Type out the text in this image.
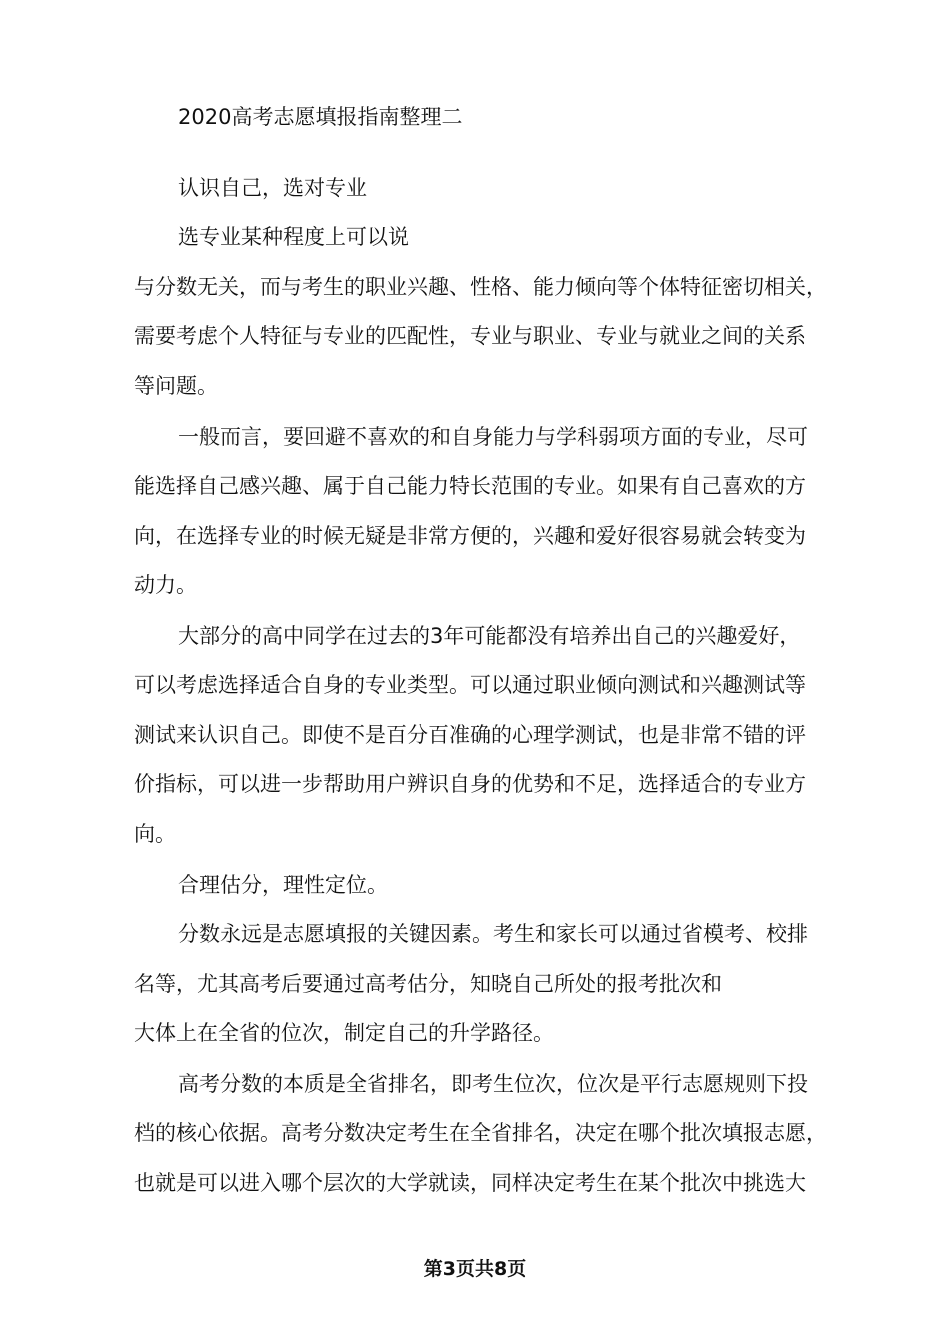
2020高考志愿填报指南整理二

认识自己，选对专业

选专业某种程度上可以说

与分数无关，而与考生的职业兴趣、性格、能力倾向等个体特征密切相关，

需要考虑个人特征与专业的匹配性，专业与职业、专业与就业之间的关系

等问题。

一般而言，要回避不喜欢的和自身能力与学科弱项方面的专业，尽可

能选择自己感兴趣、属于自己能力特长范围的专业。如果有自己喜欢的方

向，在选择专业的时候无疑是非常方便的，兴趣和爱好很容易就会转变为

动力。

大部分的高中同学在过去的3年可能都没有培养出自己的兴趣爱好，

可以考虑选择适合自身的专业类型。可以通过职业倾向测试和兴趣测试等

测试来认识自己。即使不是百分百准确的心理学测试，也是非常不错的评

价指标，可以进一步帮助用户辨识自身的优势和不足，选择适合的专业方

向。

合理估分，理性定位。

分数永远是志愿填报的关键因素。考生和家长可以通过省模考、校排

名等，尤其高考后要通过高考估分，知晓自己所处的报考批次和

大体上在全省的位次，制定自己的升学路径。

高考分数的本质是全省排名，即考生位次，位次是平行志愿规则下投

档的核心依据。高考分数决定考生在全省排名，决定在哪个批次填报志愿，

也就是可以进入哪个层次的大学就读，同样决定考生在某个批次中挑选大

第3页共8页
